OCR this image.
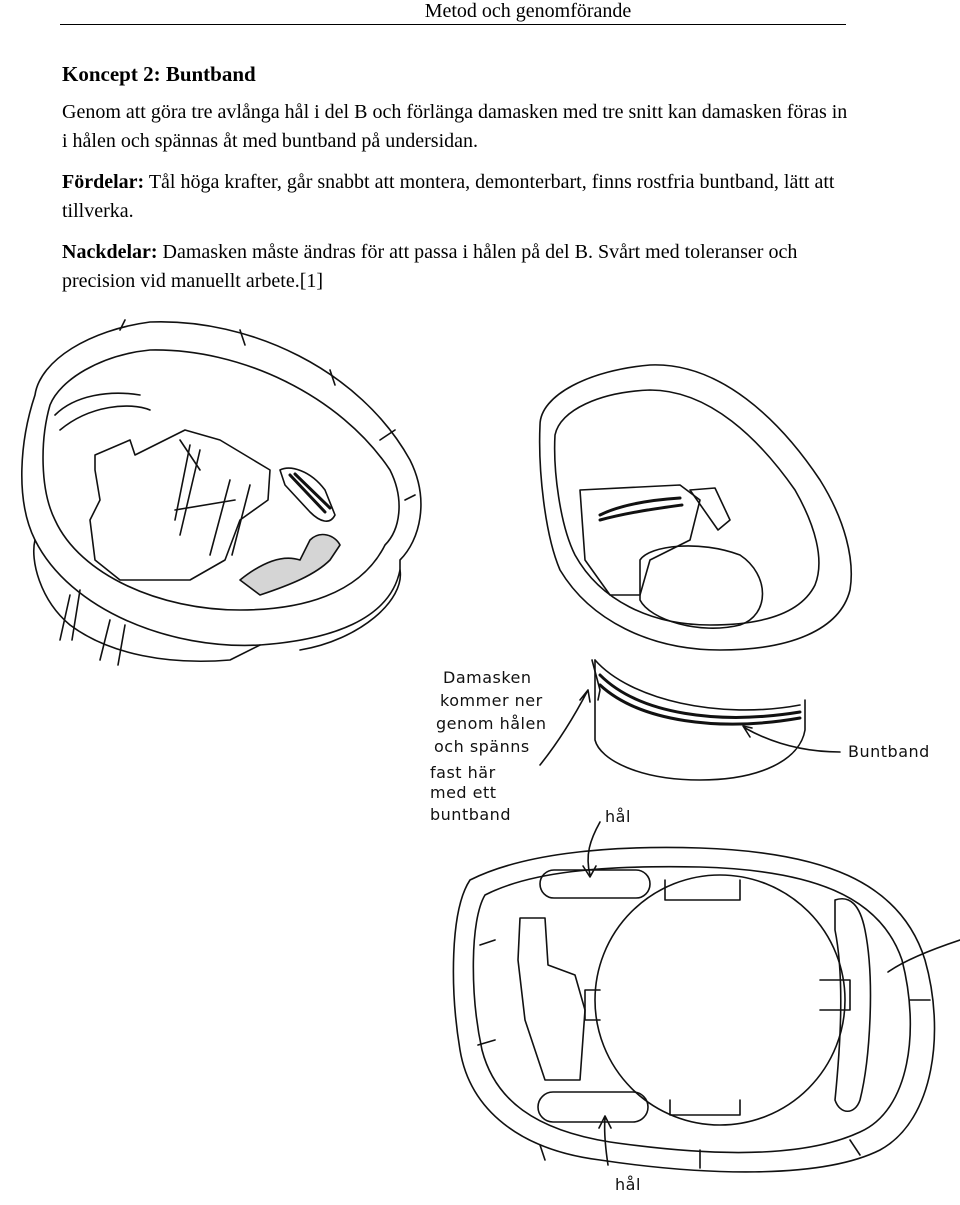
Metod och genomförande
Koncept 2: Buntband

Genom att göra tre avlånga hål i del B och förlänga damasken med tre snitt kan damasken föras in i hålen och spännas åt med buntband på undersidan.

Fördelar: Tål höga krafter, går snabbt att montera, demonterbart, finns rostfria buntband, lätt att tillverka.

Nackdelar: Damasken måste ändras för att passa i hålen på del B. Svårt med toleranser och precision vid manuellt arbete.[1]

Damasken
kommer ner
genom hålen
och spänns
fast här
med ett
buntband
Buntband
hål
hål
